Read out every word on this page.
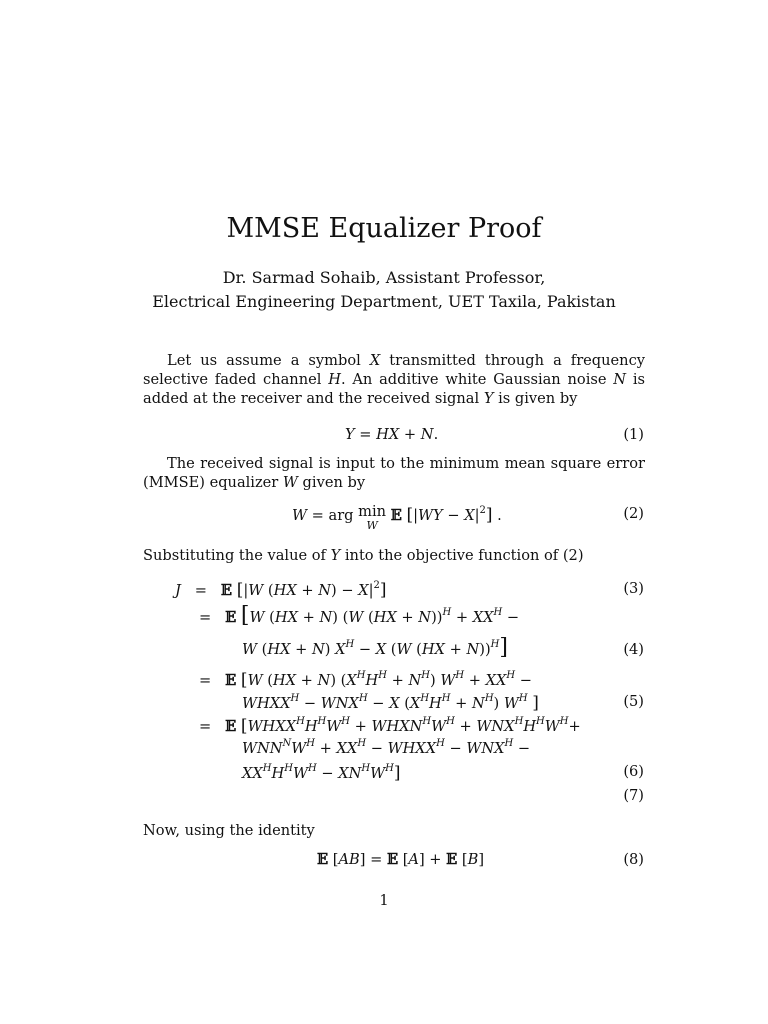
MMSE Equalizer Proof
Dr. Sarmad Sohaib, Assistant Professor,
Electrical Engineering Department, UET Taxila, Pakistan
Let us assume a symbol X transmitted through a frequency selective faded channel H. An additive white Gaussian noise N is added at the receiver and the received signal Y is given by
Y = HX + N.	(1)
The received signal is input to the minimum mean square error (MMSE) equalizer W given by
W = arg min
W
𝔼 $[|WY - X|^2]$ .	(2)
Substituting the value of Y into the objective function of (2)
J   =   𝔼 [|W $(HX + N) - X|^2$]	(3)
=   𝔼 [W (HX + N) (W $(HX + N))^H + XX^H$ −
W (HX + N) $X^H - X$ (W (HX + N))$^H$]	(4)
=   𝔼 [W (HX + N) $(X^HH^H + N^H) W^H + XX^H$ −
$WHXX^H - WNX^H - X$ $(X^HH^H + N^H)$ $W^H$ ]	(5)
=   𝔼 [$WHXX^HH^HW^H$ + $WHXN^HW^H + WNX^HH^HW^H+$
$WNN^NW^H + XX^H$ − $WHXX^H - WNX^H$ −
$XX^HH^HW^H - XN^HW^H$]	(6)
(7)
Now, using the identity
𝔼 [AB] = 𝔼 [A] + 𝔼 [B]	(8)
1
